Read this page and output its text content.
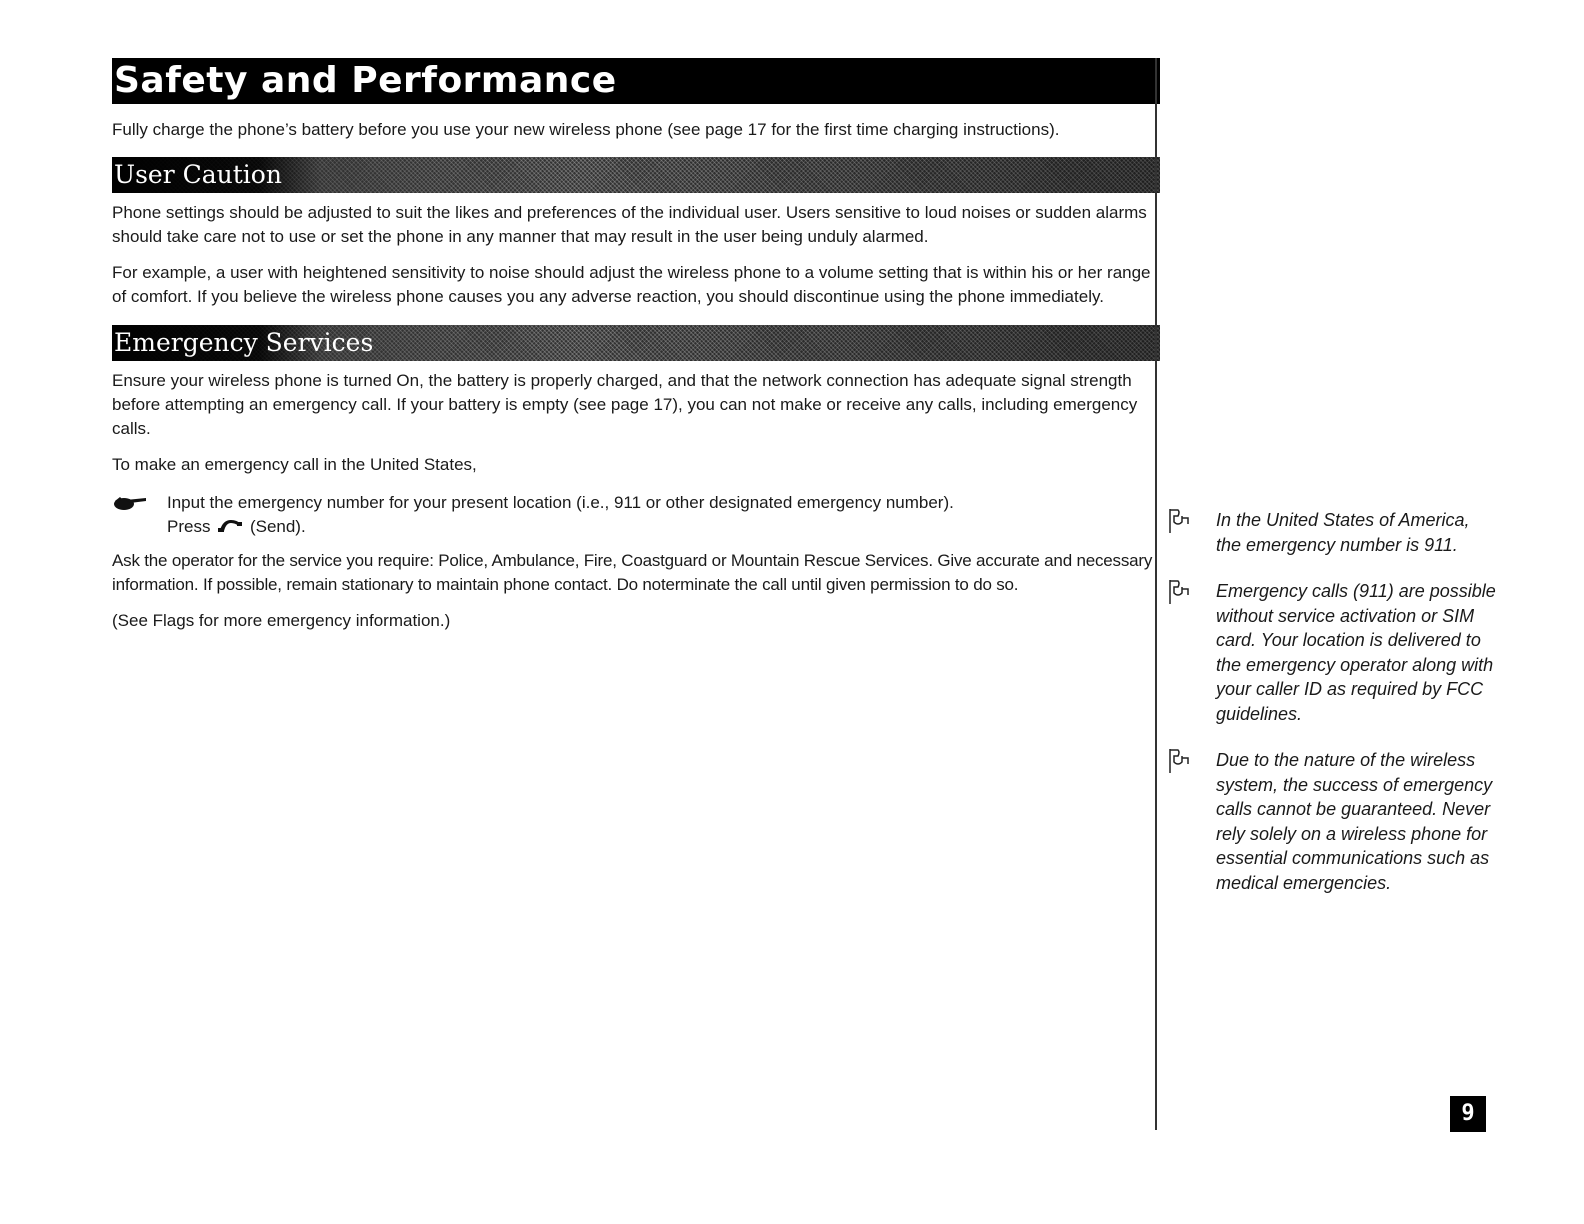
Safety and Performance

Fully charge the phone’s battery before you use your new wireless phone (see page 17 for the first time charging instructions).

User Caution

Phone settings should be adjusted to suit the likes and preferences of the individual user. Users sensitive to loud noises or sudden alarms should take care not to use or set the phone in any manner that may result in the user being unduly alarmed.

For example, a user with heightened sensitivity to noise should adjust the wireless phone to a volume setting that is within his or her range of comfort. If you believe the wireless phone causes you any adverse reaction, you should discontinue using the phone immediately.

Emergency Services

Ensure your wireless phone is turned On, the battery is properly charged, and that the network connection has adequate signal strength before attempting an emergency call. If your battery is empty (see page 17), you can not make or receive any calls, including emergency calls.

To make an emergency call in the United States,

Input the emergency number for your present location (i.e., 911 or other designated emergency number).
Press (Send).

Ask the operator for the service you require: Police, Ambulance, Fire, Coastguard or Mountain Rescue Services. Give accurate and necessary information. If possible, remain stationary to maintain phone contact. Do noterminate the call until given permission to do so.

(See Flags for more emergency information.)

In the United States of America, the emergency number is 911.
Emergency calls (911) are possible without service activation or SIM card. Your location is delivered to the emergency operator along with your caller ID as required by FCC guidelines.
Due to the nature of the wireless system, the success of emergency calls cannot be guaranteed. Never rely solely on a wireless phone for essential communications such as medical emergencies.
9
